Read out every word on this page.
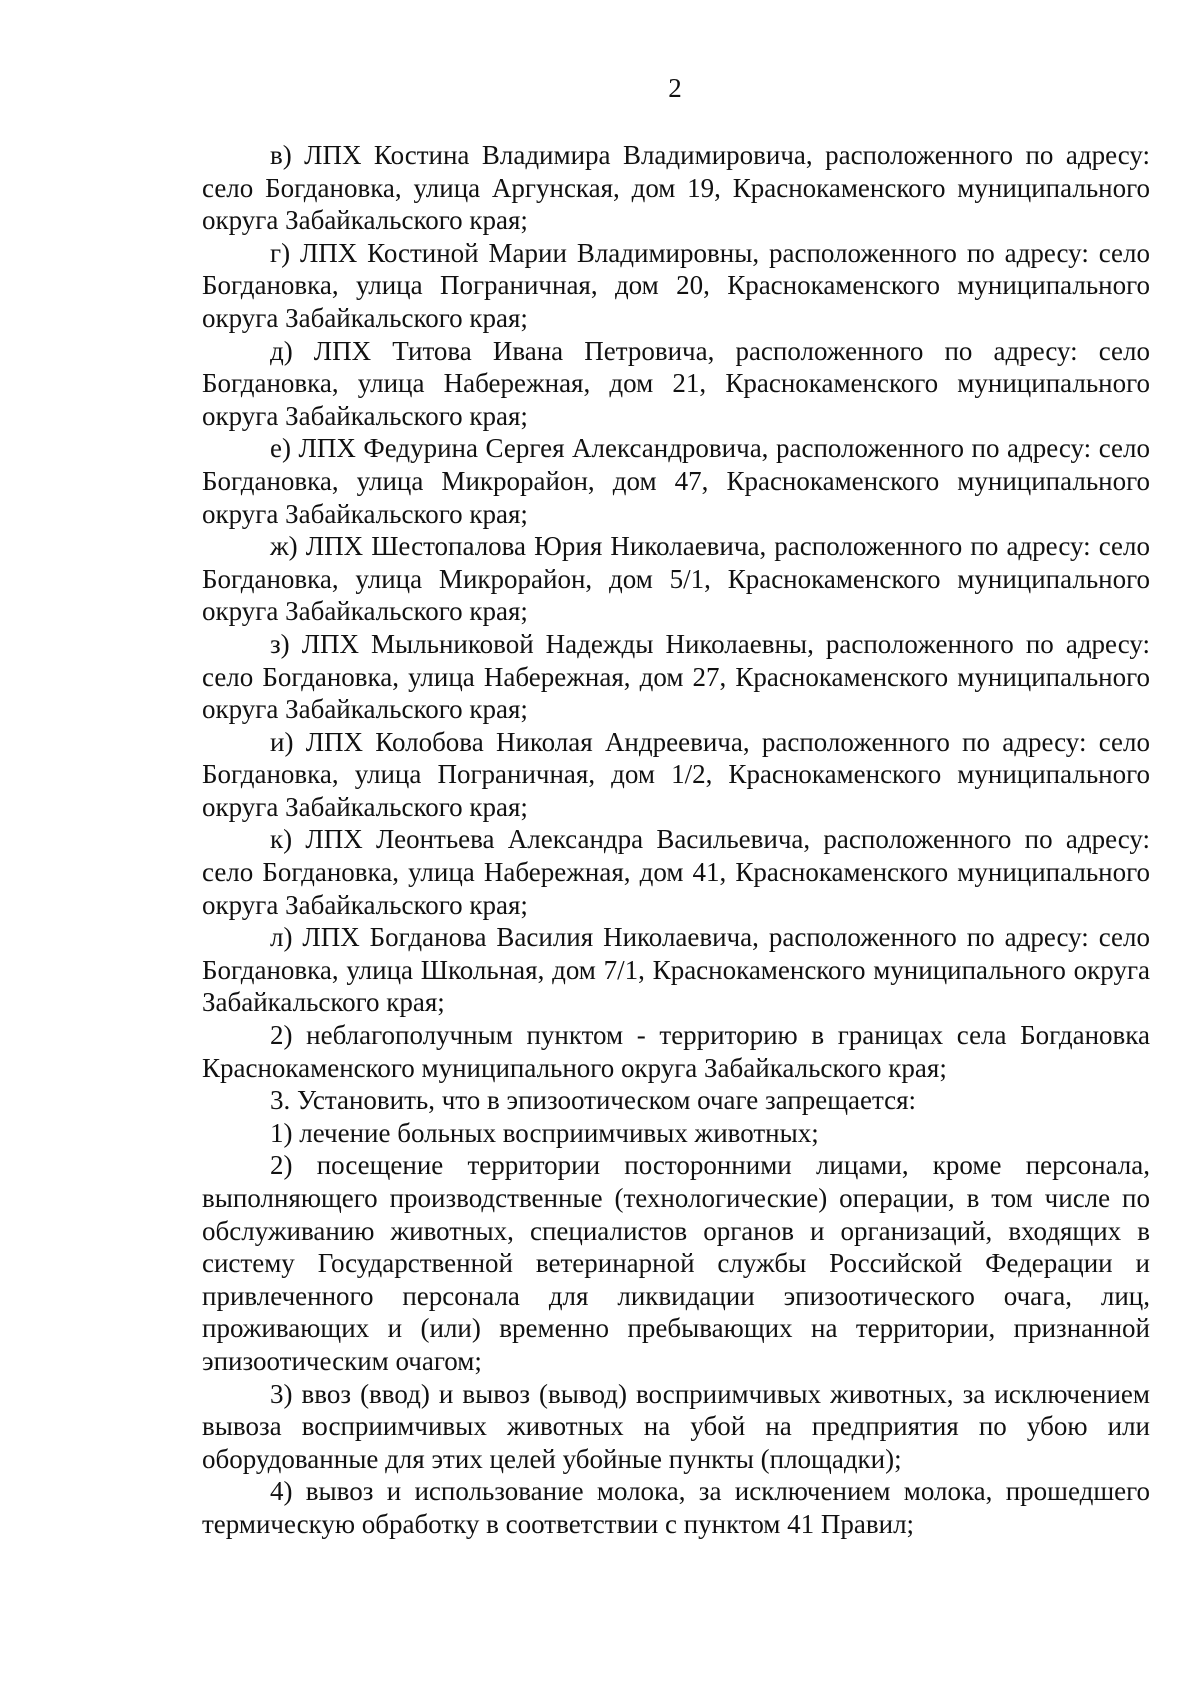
2

в) ЛПХ Костина Владимира Владимировича, расположенного по адресу: село Богдановка, улица Аргунская, дом 19, Краснокаменского муниципального округа Забайкальского края;

г) ЛПХ Костиной Марии Владимировны, расположенного по адресу: село Богдановка, улица Пограничная, дом 20, Краснокаменского муниципального округа Забайкальского края;

д) ЛПХ Титова Ивана Петровича, расположенного по адресу: село Богдановка, улица Набережная, дом 21, Краснокаменского муниципального округа Забайкальского края;

е) ЛПХ Федурина Сергея Александровича, расположенного по адресу: село Богдановка, улица Микрорайон, дом 47, Краснокаменского муниципального округа Забайкальского края;

ж) ЛПХ Шестопалова Юрия Николаевича, расположенного по адресу: село Богдановка, улица Микрорайон, дом 5/1, Краснокаменского муниципального округа Забайкальского края;

з) ЛПХ Мыльниковой Надежды Николаевны, расположенного по адресу: село Богдановка, улица Набережная, дом 27, Краснокаменского муниципального округа Забайкальского края;

и) ЛПХ Колобова Николая Андреевича, расположенного по адресу: село Богдановка, улица Пограничная, дом 1/2, Краснокаменского муниципального округа Забайкальского края;

к) ЛПХ Леонтьева Александра Васильевича, расположенного по адресу: село Богдановка, улица Набережная, дом 41, Краснокаменского муниципального округа Забайкальского края;

л) ЛПХ Богданова Василия Николаевича, расположенного по адресу: село Богдановка, улица Школьная, дом 7/1, Краснокаменского муниципального округа Забайкальского края;

2) неблагополучным пунктом - территорию в границах села Богдановка Краснокаменского муниципального округа Забайкальского края;

3. Установить, что в эпизоотическом очаге запрещается:

1) лечение больных восприимчивых животных;

2) посещение территории посторонними лицами, кроме персонала, выполняющего производственные (технологические) операции, в том числе по обслуживанию животных, специалистов органов и организаций, входящих в систему Государственной ветеринарной службы Российской Федерации и привлеченного персонала для ликвидации эпизоотического очага, лиц, проживающих и (или) временно пребывающих на территории, признанной эпизоотическим очагом;

3) ввоз (ввод) и вывоз (вывод) восприимчивых животных, за исключением вывоза восприимчивых животных на убой на предприятия по убою или оборудованные для этих целей убойные пункты (площадки);

4) вывоз и использование молока, за исключением молока, прошедшего термическую обработку в соответствии с пунктом 41 Правил;
